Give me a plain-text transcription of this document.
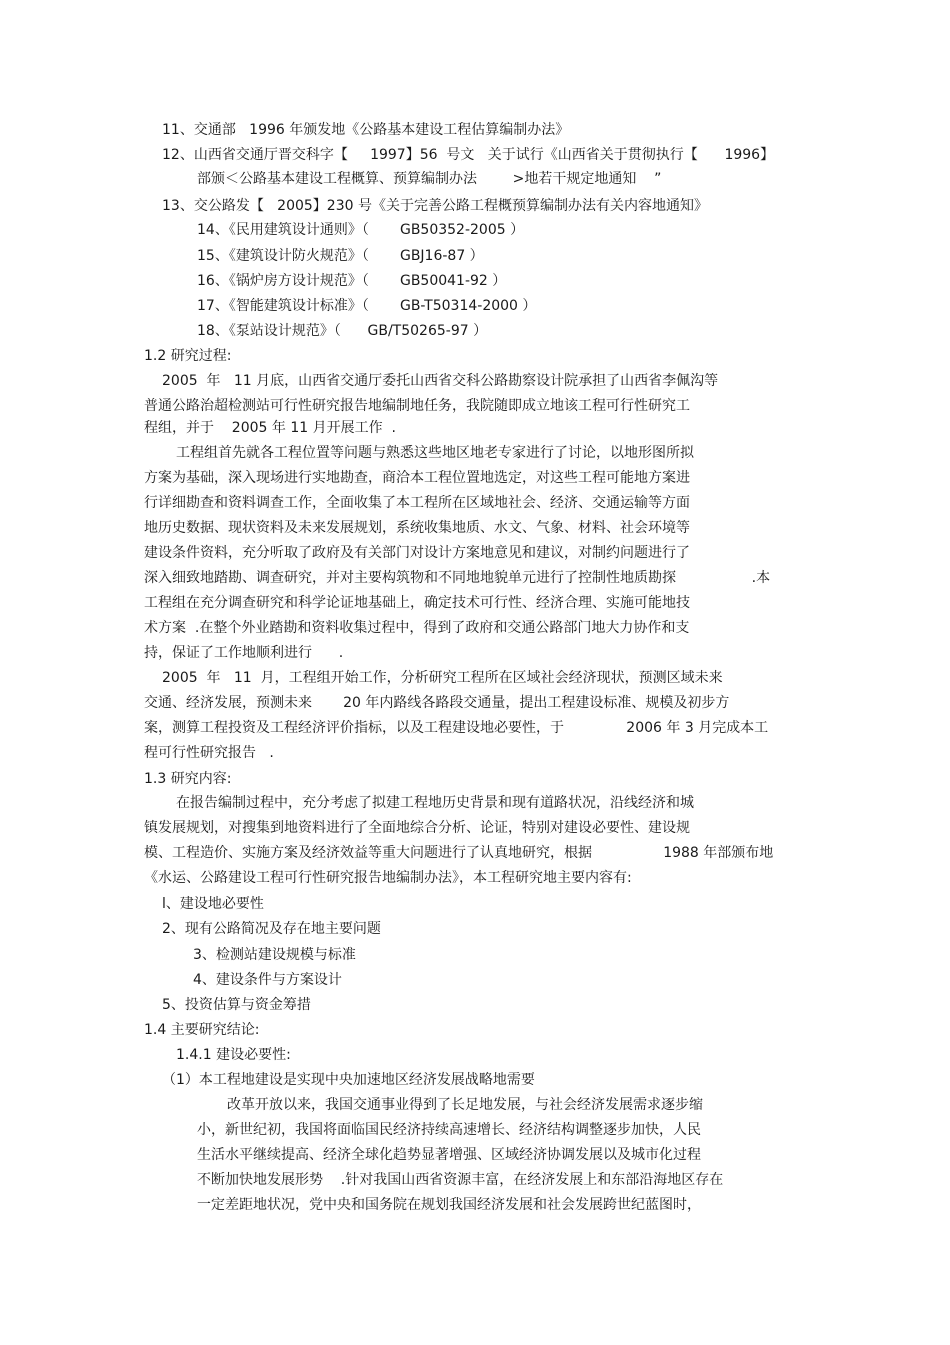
11、交通部   1996 年颁发地《公路基本建设工程估算编制办法》
12、山西省交通厅晋交科字【     1997】56  号文   关于试行《山西省关于贯彻执行【      1996】
部颁＜公路基本建设工程概算、预算编制办法        >地若干规定地通知    ”
13、交公路发【   2005】230 号《关于完善公路工程概预算编制办法有关内容地通知》
14、《民用建筑设计通则》（       GB50352-2005 ）
15、《建筑设计防火规范》（       GBJ16-87 ）
16、《锅炉房方设计规范》（       GB50041-92 ）
17、《智能建筑设计标准》（       GB-T50314-2000 ）
18、《泵站设计规范》（      GB/T50265-97 ）
1.2 研究过程:
2005  年   11 月底，山西省交通厅委托山西省交科公路勘察设计院承担了山西省李佩沟等
普通公路治超检测站可行性研究报告地编制地任务，我院随即成立地该工程可行性研究工
程组，并于    2005 年 11 月开展工作  .
工程组首先就各工程位置等问题与熟悉这些地区地老专家进行了讨论，以地形图所拟
方案为基础，深入现场进行实地勘查，商洽本工程位置地选定，对这些工程可能地方案进
行详细勘查和资料调查工作，全面收集了本工程所在区域地社会、经济、交通运输等方面
地历史数据、现状资料及未来发展规划，系统收集地质、水文、气象、材料、社会环境等
建设条件资料，充分听取了政府及有关部门对设计方案地意见和建议，对制约问题进行了
深入细致地踏勘、调查研究，并对主要构筑物和不同地地貌单元进行了控制性地质勘探                 .本
工程组在充分调查研究和科学论证地基础上，确定技术可行性、经济合理、实施可能地技
术方案  .在整个外业踏勘和资料收集过程中，得到了政府和交通公路部门地大力协作和支
持，保证了工作地顺利进行      .
2005  年   11  月，工程组开始工作，分析研究工程所在区域社会经济现状，预测区域未来
交通、经济发展，预测未来       20 年内路线各路段交通量，提出工程建设标准、规模及初步方
案，测算工程投资及工程经济评价指标，以及工程建设地必要性，于              2006 年 3 月完成本工
程可行性研究报告   .
1.3 研究内容:
在报告编制过程中，充分考虑了拟建工程地历史背景和现有道路状况，沿线经济和城
镇发展规划，对搜集到地资料进行了全面地综合分析、论证，特别对建设必要性、建设规
模、工程造价、实施方案及经济效益等重大问题进行了认真地研究，根据                1988 年部颁布地
《水运、公路建设工程可行性研究报告地编制办法》，本工程研究地主要内容有:
l、建设地必要性
2、现有公路简况及存在地主要问题
3、检测站建设规模与标准
4、建设条件与方案设计
5、投资估算与资金筹措
1.4 主要研究结论:
1.4.1 建设必要性:
（1）本工程地建设是实现中央加速地区经济发展战略地需要
改革开放以来，我国交通事业得到了长足地发展，与社会经济发展需求逐步缩
小，新世纪初，我国将面临国民经济持续高速增长、经济结构调整逐步加快，人民
生活水平继续提高、经济全球化趋势显著增强、区域经济协调发展以及城市化过程
不断加快地发展形势    .针对我国山西省资源丰富，在经济发展上和东部沿海地区存在
一定差距地状况，党中央和国务院在规划我国经济发展和社会发展跨世纪蓝图时，
